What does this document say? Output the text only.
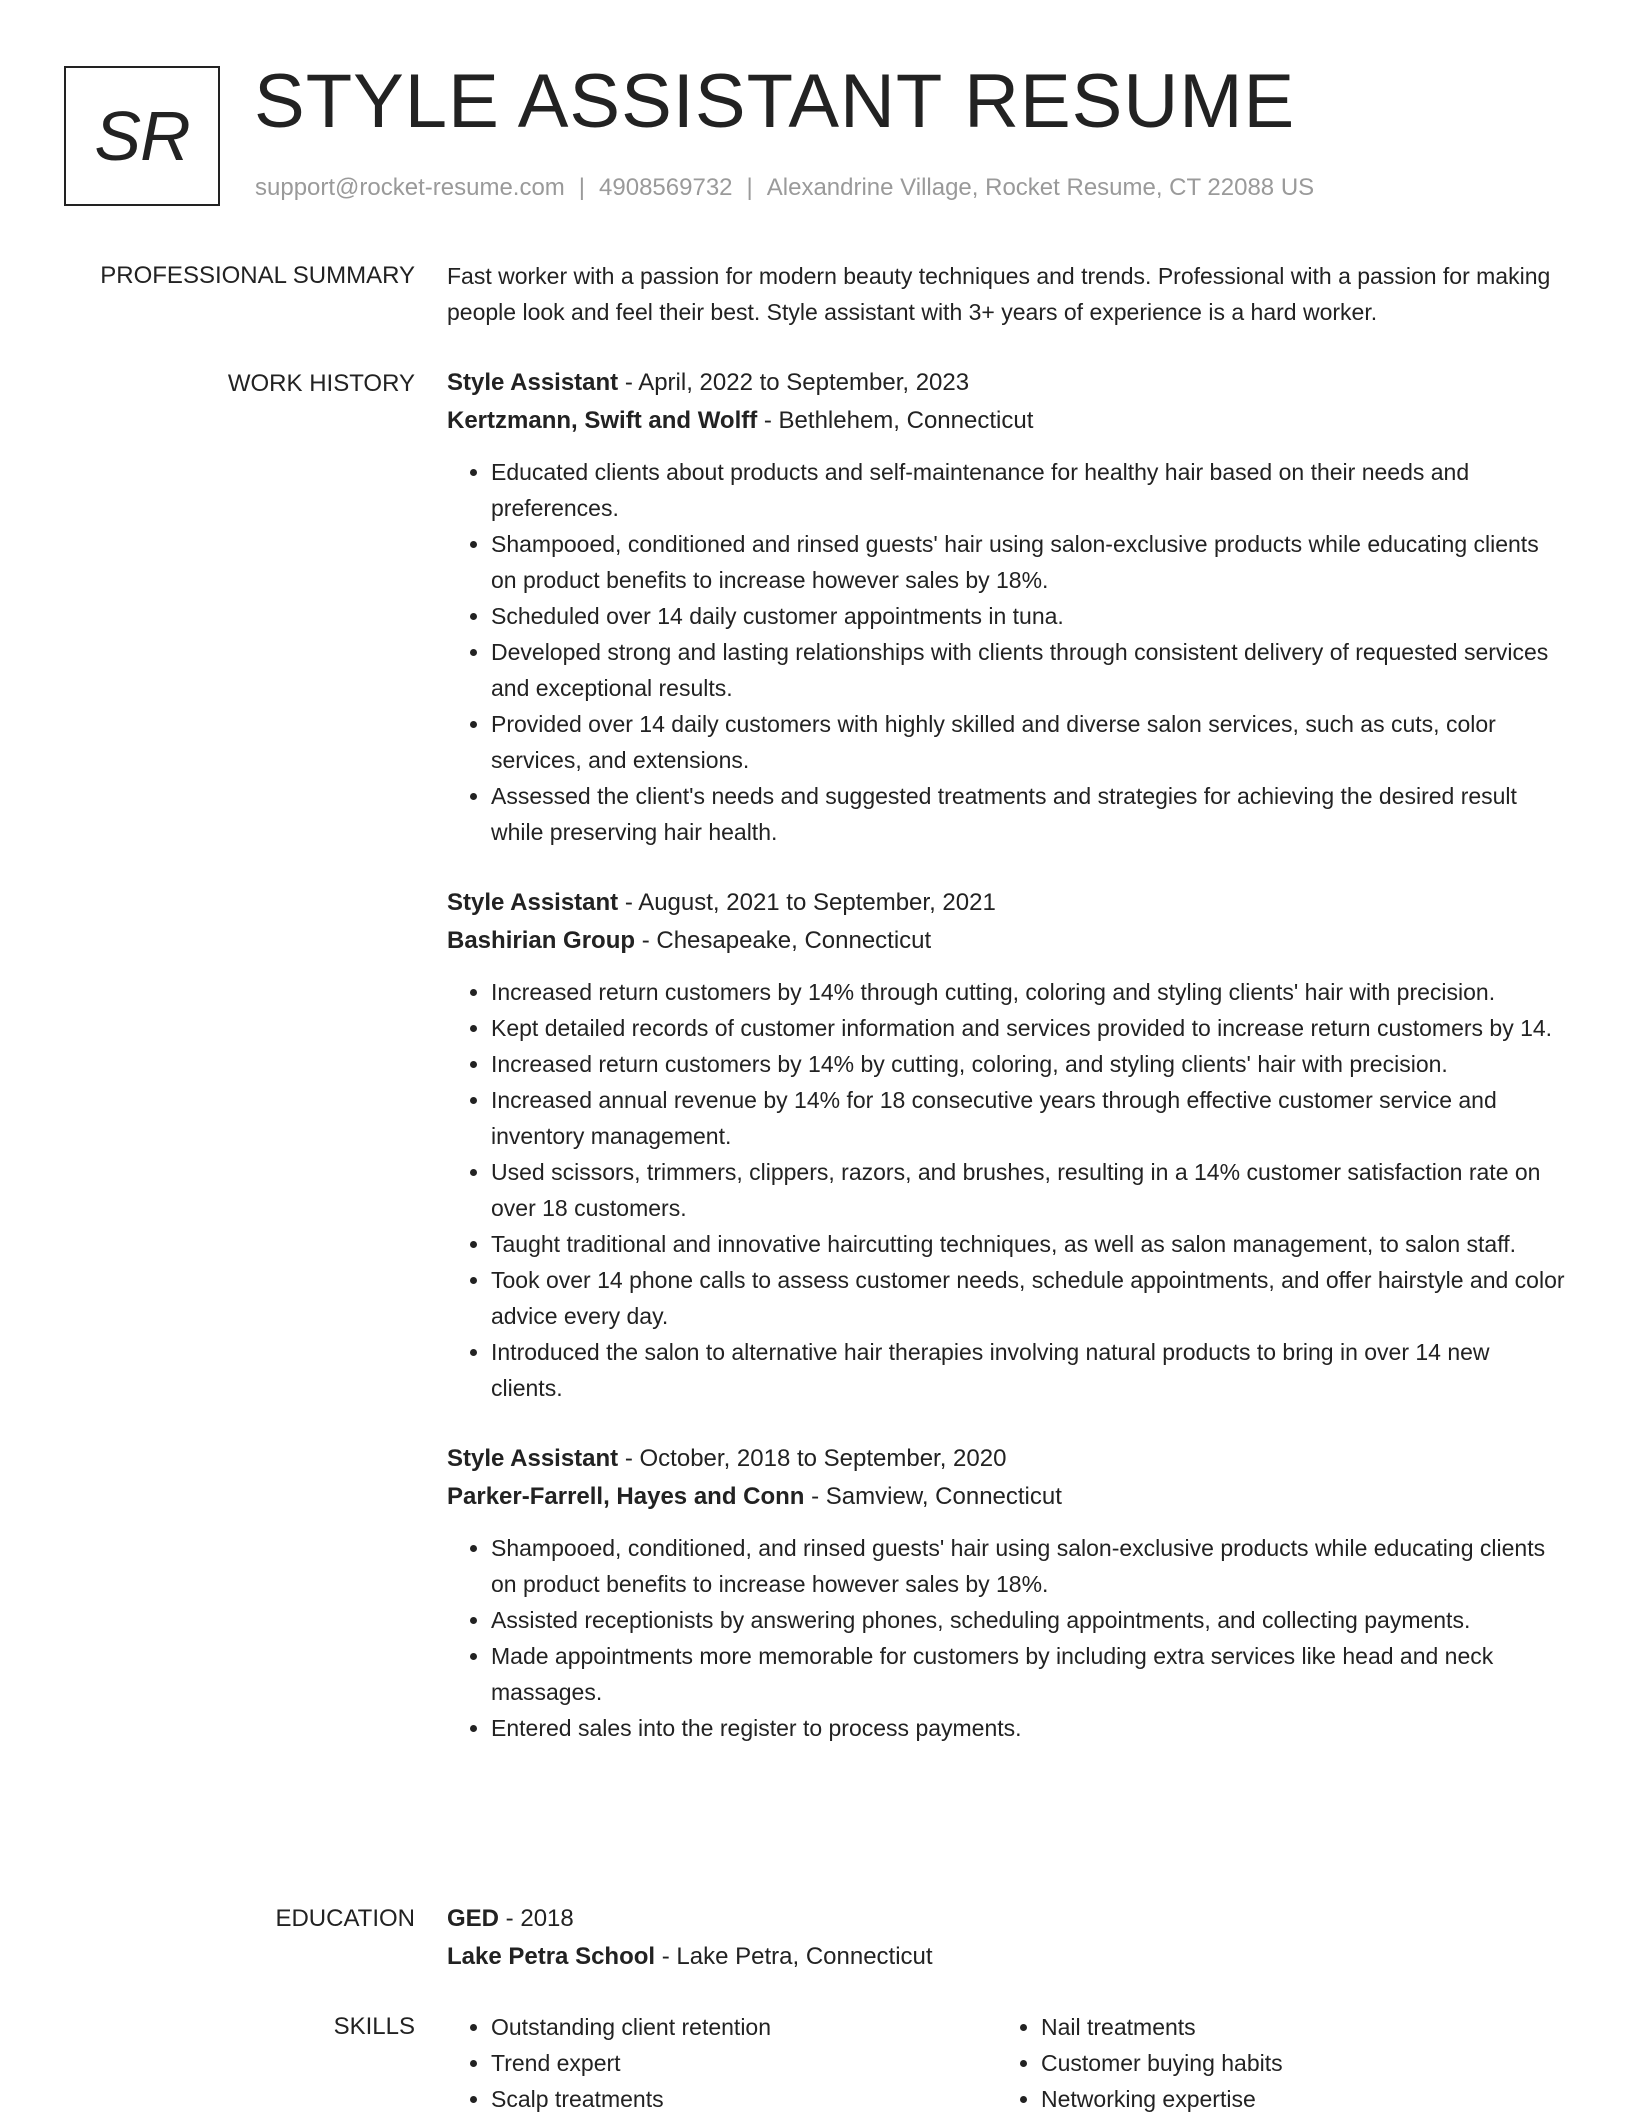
SR STYLE ASSISTANT RESUME
support@rocket-resume.com | 4908569732 | Alexandrine Village, Rocket Resume, CT 22088 US
PROFESSIONAL SUMMARY Fast worker with a passion for modern beauty techniques and trends. Professional with a passion for making people look and feel their best. Style assistant with 3+ years of experience is a hard worker.

WORK HISTORY Style Assistant - April, 2022 to September, 2023
Kertzmann, Swift and Wolff - Bethlehem, Connecticut
• Educated clients about products and self-maintenance for healthy hair based on their needs and preferences.
• Shampooed, conditioned and rinsed guests' hair using salon-exclusive products while educating clients on product benefits to increase however sales by 18%.
• Scheduled over 14 daily customer appointments in tuna.
• Developed strong and lasting relationships with clients through consistent delivery of requested services and exceptional results.
• Provided over 14 daily customers with highly skilled and diverse salon services, such as cuts, color services, and extensions.
• Assessed the client's needs and suggested treatments and strategies for achieving the desired result while preserving hair health.
Style Assistant - August, 2021 to September, 2021
Bashirian Group - Chesapeake, Connecticut
• Increased return customers by 14% through cutting, coloring and styling clients' hair with precision.
• Kept detailed records of customer information and services provided to increase return customers by 14.
• Increased return customers by 14% by cutting, coloring, and styling clients' hair with precision.
• Increased annual revenue by 14% for 18 consecutive years through effective customer service and inventory management.
• Used scissors, trimmers, clippers, razors, and brushes, resulting in a 14% customer satisfaction rate on over 18 customers.
• Taught traditional and innovative haircutting techniques, as well as salon management, to salon staff.
• Took over 14 phone calls to assess customer needs, schedule appointments, and offer hairstyle and color advice every day.
• Introduced the salon to alternative hair therapies involving natural products to bring in over 14 new clients.
Style Assistant - October, 2018 to September, 2020
Parker-Farrell, Hayes and Conn - Samview, Connecticut
• Shampooed, conditioned, and rinsed guests' hair using salon-exclusive products while educating clients on product benefits to increase however sales by 18%.
• Assisted receptionists by answering phones, scheduling appointments, and collecting payments.
• Made appointments more memorable for customers by including extra services like head and neck massages.
• Entered sales into the register to process payments.
EDUCATION GED - 2018
Lake Petra School - Lake Petra, Connecticut
SKILLS
•	Outstanding client retention
• Trend expert
• Scalp treatments
• Nail treatments
• Customer buying habits
• Networking expertise
